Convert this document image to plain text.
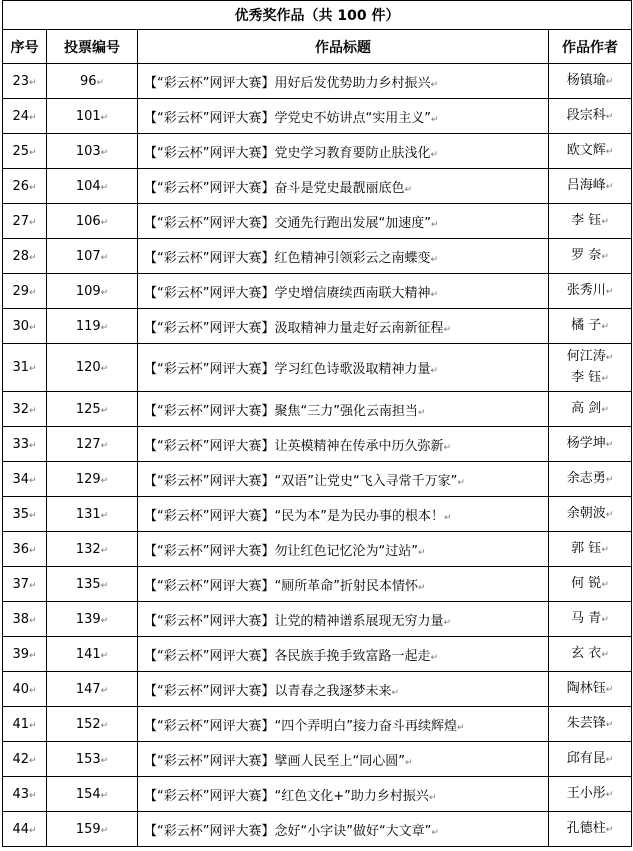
优秀奖作品（共 100 件）			
序号	投票编号	作品标题	作品作者
23↵	96↵	【“彩云杯”网评大赛】用好后发优势助力乡村振兴↵	杨镇瑜↵

24↵	101↵	【“彩云杯”网评大赛】学党史不妨讲点“实用主义”↵	段宗科↵

25↵	103↵	【“彩云杯”网评大赛】党史学习教育要防止肤浅化↵	欧文辉↵

26↵	104↵	【“彩云杯”网评大赛】奋斗是党史最靓丽底色↵	吕海峰↵

27↵	106↵	【“彩云杯”网评大赛】交通先行跑出发展“加速度”↵	李 钰↵

28↵	107↵	【“彩云杯”网评大赛】红色精神引领彩云之南蝶变↵	罗 奈↵

29↵	109↵	【“彩云杯”网评大赛】学史增信赓续西南联大精神↵	张秀川↵

30↵	119↵	【“彩云杯”网评大赛】汲取精神力量走好云南新征程↵	橘 子↵

31↵	120↵	【“彩云杯”网评大赛】学习红色诗歌汲取精神力量↵	何江涛↵
李 钰↵

32↵	125↵	【“彩云杯”网评大赛】聚焦“三力”强化云南担当↵	高 剑↵

33↵	127↵	【“彩云杯”网评大赛】让英模精神在传承中历久弥新↵	杨学坤↵

34↵	129↵	【“彩云杯”网评大赛】“双语”让党史“飞入寻常千万家”↵	余志勇↵

35↵	131↵	【“彩云杯”网评大赛】“民为本”是为民办事的根本！↵	余朝波↵

36↵	132↵	【“彩云杯”网评大赛】勿让红色记忆沦为“过站”↵	郭 钰↵

37↵	135↵	【“彩云杯”网评大赛】“厕所革命”折射民本情怀↵	何 锐↵

38↵	139↵	【“彩云杯”网评大赛】让党的精神谱系展现无穷力量↵	马 青↵

39↵	141↵	【“彩云杯”网评大赛】各民族手挽手致富路一起走↵	玄 衣↵

40↵	147↵	【“彩云杯”网评大赛】以青春之我逐梦未来↵	陶林钰↵

41↵	152↵	【“彩云杯”网评大赛】“四个弄明白”接力奋斗再续辉煌↵	朱芸锋↵

42↵	153↵	【“彩云杯”网评大赛】擘画人民至上“同心圆”↵	邱有昆↵

43↵	154↵	【“彩云杯”网评大赛】“红色文化+”助力乡村振兴↵	王小彤↵

44↵	159↵	【“彩云杯”网评大赛】念好“小字诀”做好“大文章”↵	孔德柱↵
